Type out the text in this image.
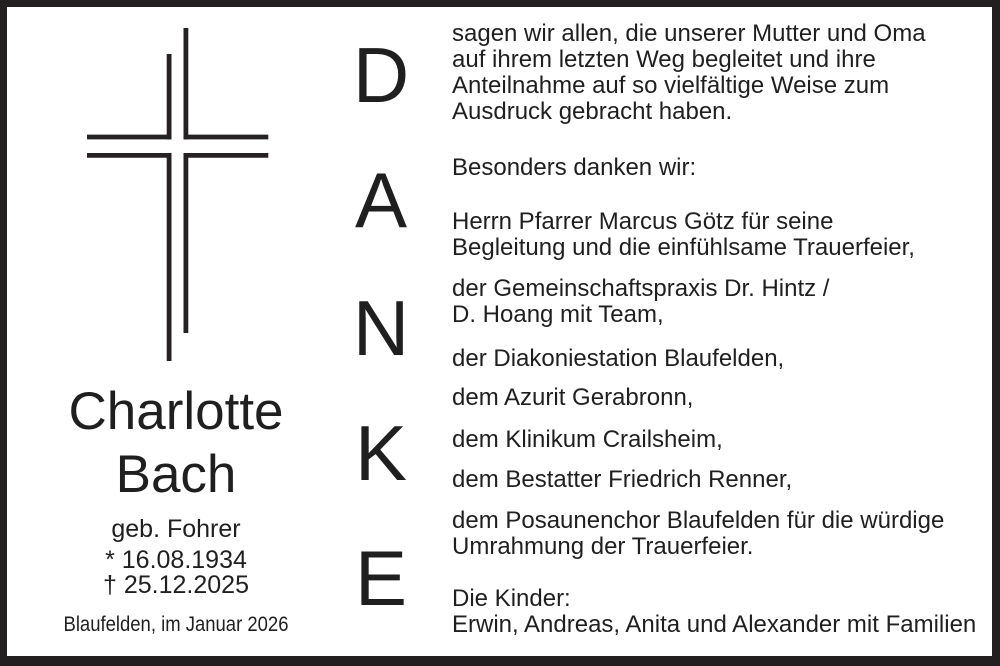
Charlotte
Bach
geb. Fohrer
* 16.08.1934
† 25.12.2025
Blaufelden, im Januar 2026
D
A
N
K
E
sagen wir allen, die unserer Mutter und Oma
auf ihrem letzten Weg begleitet und ihre
Anteilnahme auf so vielfältige Weise zum
Ausdruck gebracht haben.
Besonders danken wir:
Herrn Pfarrer Marcus Götz für seine
Begleitung und die einfühlsame Trauerfeier,
der Gemeinschaftspraxis Dr. Hintz /
D. Hoang mit Team,
der Diakoniestation Blaufelden,
dem Azurit Gerabronn,
dem Klinikum Crailsheim,
dem Bestatter Friedrich Renner,
dem Posaunenchor Blaufelden für die würdige
Umrahmung der Trauerfeier.
Die Kinder:
Erwin, Andreas, Anita und Alexander mit Familien
